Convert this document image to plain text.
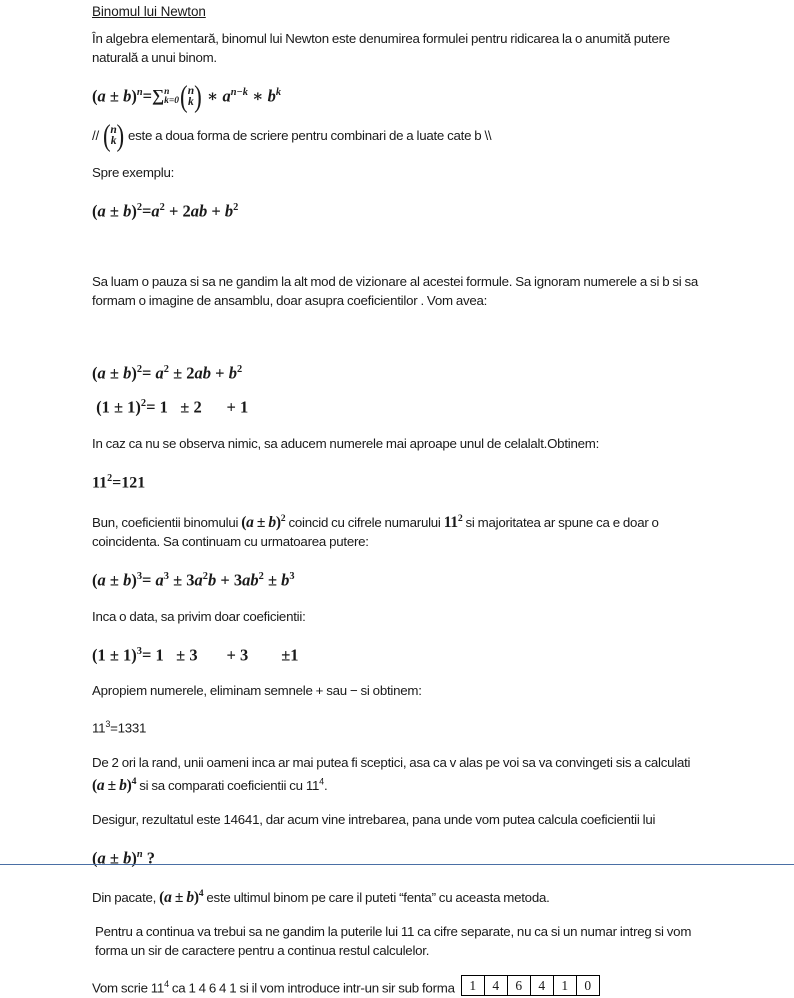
Binomul lui Newton

În algebra elementară, binomul lui Newton este denumirea formulei pentru ridicarea la o anumită putere naturală a unui binom.

$(a \pm b)^n=\sum$ n
k=0 ( n
k ) ∗ $a^{n-k}$ ∗ $b^k$

// ( n
k ) este a doua forma de scriere pentru combinari de a luate cate b \\

Spre exemplu:

$(a \pm b)^2=a^2 + 2ab + b^2$

Sa luam o pauza si sa ne gandim la alt mod de vizionare al acestei formule. Sa ignoram numerele a si b si sa formam o imagine de ansamblu, doar asupra coeficientilor . Vom avea:

$(a \pm b)^2= a^2 \pm 2ab + b^2$
$(1 \pm 1)^2= 1 \pm 2$      + 1

In caz ca nu se observa nimic, sa aducem numerele mai aproape unul de celalalt.Obtinem:

$11^2=121$

Bun, coeficientii binomului $(a \pm b)^2$ coincid cu cifrele numarului $11^2$ si majoritatea ar spune ca e doar o coincidenta. Sa continuam cu urmatoarea putere:

$(a \pm b)^3= a^3 \pm 3a^2b + 3ab^2 \pm b^3$

Inca o data, sa privim doar coeficientii:

$(1 \pm 1)^3= 1 \pm 3$       + 3        ±1

Apropiem numerele, eliminam semnele + sau − si obtinem:

$11^3=1331$

De 2 ori la rand, unii oameni inca ar mai putea fi sceptici, asa ca v alas pe voi sa va convingeti sis a calculati $(a \pm b)^4$ si sa comparati coeficientii cu $11^4$.

Desigur, rezultatul este 14641, dar acum vine intrebarea, pana unde vom putea calcula coeficientii lui

$(a \pm b)^n$ ?

Din pacate, $(a \pm b)^4$ este ultimul binom pe care il puteti “fenta” cu aceasta metoda.

Pentru a continua va trebui sa ne gandim la puterile lui 11 ca cifre separate, nu ca si un numar intreg si vom forma un sir de caractere pentru a continua restul calculelor.

Vom scrie $11^4$ ca 1 4 6 4 1 si il vom introduce intr-un sir sub forma 1	4	6	4	1	0
